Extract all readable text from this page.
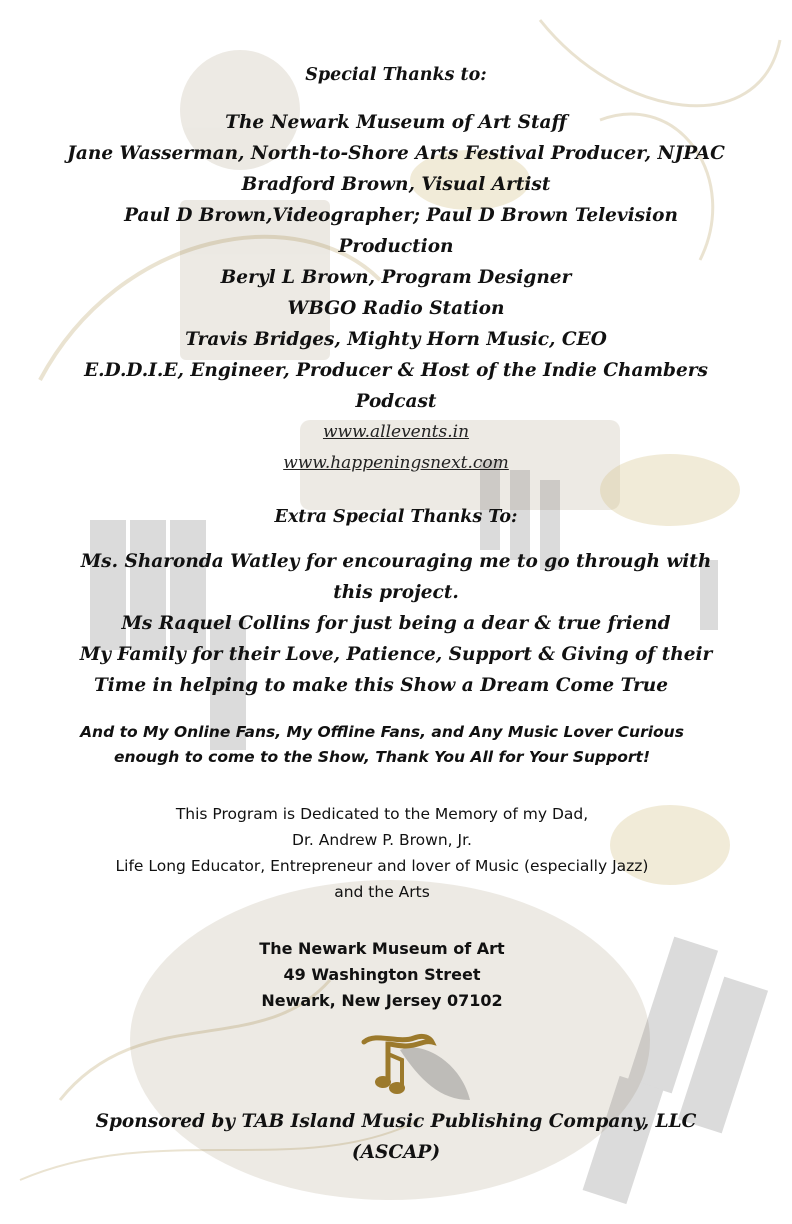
Special Thanks to:
The Newark Museum of Art Staff
Jane Wasserman, North-to-Shore Arts Festival Producer, NJPAC
Bradford Brown, Visual Artist
Paul D Brown,Videographer; Paul D Brown Television
Production
Beryl L Brown, Program Designer
WBGO Radio Station
Travis Bridges, Mighty Horn Music, CEO
E.D.D.I.E, Engineer, Producer & Host of the Indie Chambers
Podcast
www.allevents.in
www.happeningsnext.com
Extra Special Thanks To:
Ms. Sharonda Watley for encouraging me to go through with
this project.
Ms Raquel Collins for just being a dear & true friend
My Family for their Love, Patience, Support & Giving of their
Time in helping to make this Show a Dream Come True
And to My Online Fans, My Offline Fans, and Any Music Lover Curious
enough to come to the Show, Thank You All for Your Support!
This Program is Dedicated to the Memory of my Dad,
Dr. Andrew P. Brown, Jr.
Life Long Educator, Entrepreneur and lover of Music (especially Jazz)
and the Arts
The Newark Museum of Art
49 Washington Street
Newark, New Jersey 07102
Sponsored by TAB Island Music Publishing Company, LLC
(ASCAP)
